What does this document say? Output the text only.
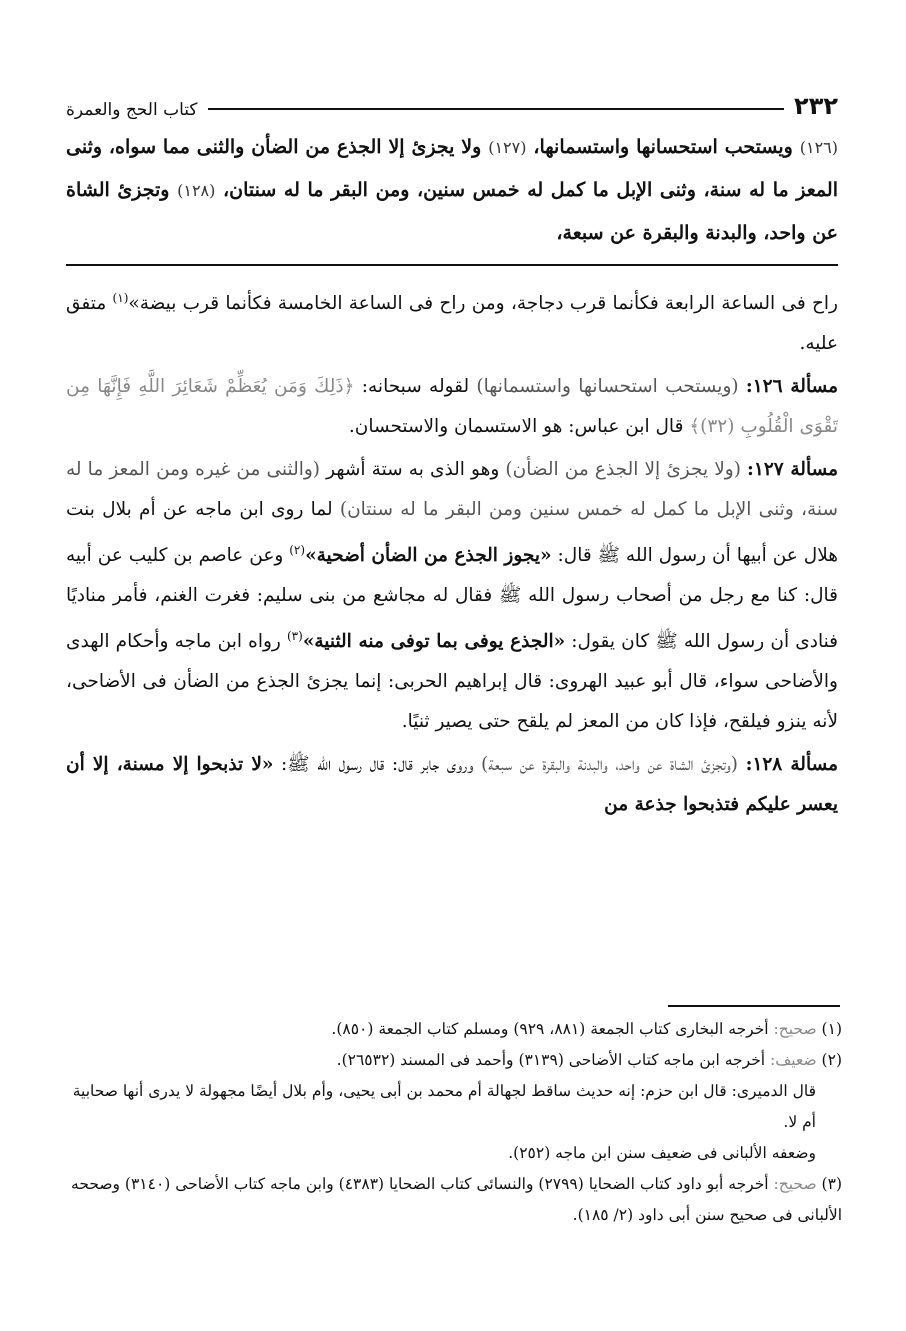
٢٣٢
كتاب الحج والعمرة
(١٢٦) ويستحب استحسانها واستسمانها، (١٢٧) ولا يجزئ إلا الجذع من الضأن والثنى مما سواه، وثنى المعز ما له سنة، وثنى الإبل ما كمل له خمس سنين، ومن البقر ما له سنتان، (١٢٨) وتجزئ الشاة عن واحد، والبدنة والبقرة عن سبعة،

راح فى الساعة الرابعة فكأنما قرب دجاجة، ومن راح فى الساعة الخامسة فكأنما قرب بيضة»$^{(١)}$ متفق عليه.

مسألة ١٢٦: (ويستحب استحسانها واستسمانها) لقوله سبحانه: ﴿ذَلِكَ وَمَن يُعَظِّمْ شَعَائِرَ اللَّهِ فَإِنَّهَا مِن تَقْوَى الْقُلُوبِ (٣٢)﴾ قال ابن عباس: هو الاستسمان والاستحسان.

مسألة ١٢٧: (ولا يجزئ إلا الجذع من الضأن) وهو الذى به ستة أشهر (والثنى من غيره ومن المعز ما له سنة، وثنى الإبل ما كمل له خمس سنين ومن البقر ما له سنتان) لما روى ابن ماجه عن أم بلال بنت هلال عن أبيها أن رسول الله ﷺ قال: «يجوز الجذع من الضأن أضحية»$^{(٢)}$ وعن عاصم بن كليب عن أبيه قال: كنا مع رجل من أصحاب رسول الله ﷺ فقال له مجاشع من بنى سليم: فغرت الغنم، فأمر مناديًا فنادى أن رسول الله ﷺ كان يقول: «الجذع يوفى بما توفى منه الثنية»$^{(٣)}$ رواه ابن ماجه وأحكام الهدى والأضاحى سواء، قال أبو عبيد الهروى: قال إبراهيم الحربى: إنما يجزئ الجذع من الضأن فى الأضاحى، لأنه ينزو فيلقح، فإذا كان من المعز لم يلقح حتى يصير ثنيًا.

مسألة ١٢٨: (وتجزئ الشاة عن واحد، والبدنة والبقرة عن سبعة) وروى جابر قال: قال رسول الله ﷺ: «لا تذبحوا إلا مسنة، إلا أن يعسر عليكم فتذبحوا جذعة من

(١) صحيح: أخرجه البخارى كتاب الجمعة (٨٨١، ٩٢٩) ومسلم كتاب الجمعة (٨٥٠).

(٢) ضعيف: أخرجه ابن ماجه كتاب الأضاحى (٣١٣٩) وأحمد فى المسند (٢٦٥٣٢).

قال الدميرى: قال ابن حزم: إنه حديث ساقط لجهالة أم محمد بن أبى يحيى، وأم بلال أيضًا مجهولة لا يدرى أنها صحابية أم لا.

وضعفه الألبانى فى ضعيف سنن ابن ماجه (٢٥٢).

(٣) صحيح: أخرجه أبو داود كتاب الضحايا (٢٧٩٩) والنسائى كتاب الضحايا (٤٣٨٣) وابن ماجه كتاب الأضاحى (٣١٤٠) وصححه الألبانى فى صحيح سنن أبى داود (٢/ ١٨٥).
